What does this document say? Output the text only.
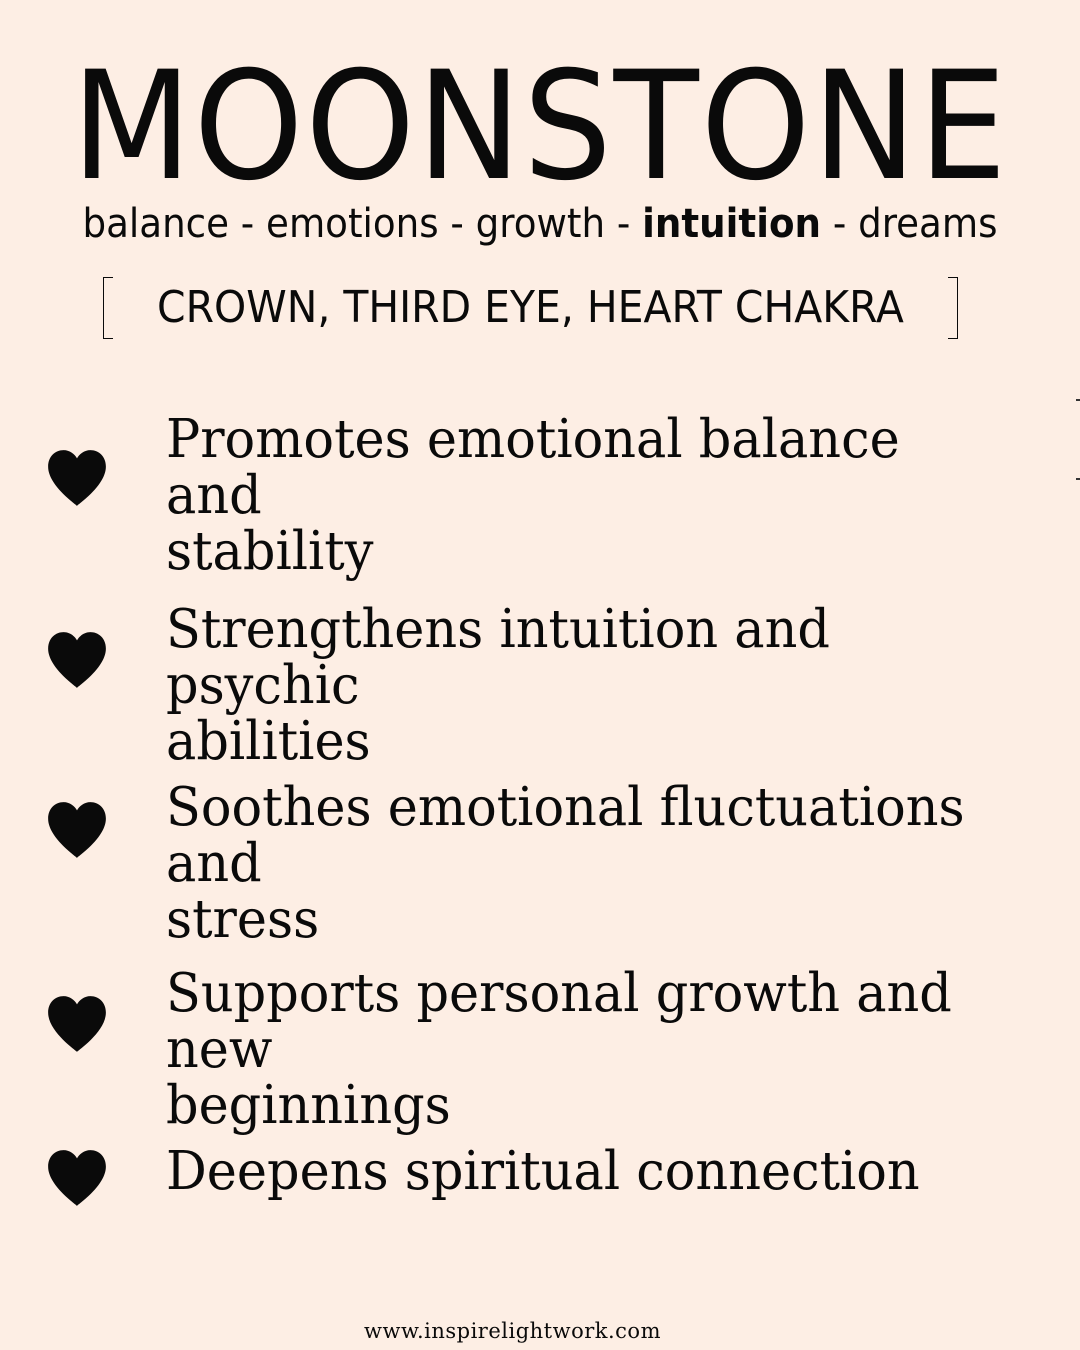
MOONSTONE
balance - emotions - growth - intuition - dreams
CROWN, THIRD EYE, HEART CHAKRA
Promotes emotional balance and
stability
Strengthens intuition and psychic
abilities
Soothes emotional fluctuations and
stress
Supports personal growth and new
beginnings
Deepens spiritual connection
www.inspirelightwork.com
